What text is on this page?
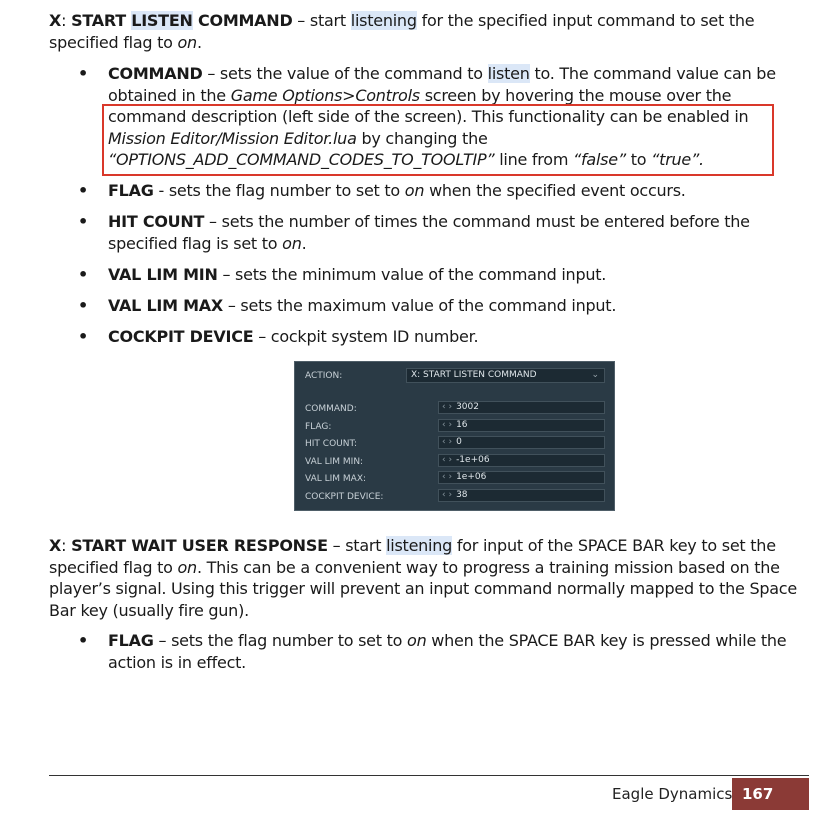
X: START LISTEN COMMAND – start listening for the specified input command to set the specified flag to on.

• COMMAND – sets the value of the command to listen to. The command value can be obtained in the Game Options>Controls screen by hovering the mouse over the command description (left side of the screen). This functionality can be enabled in Mission Editor/Mission Editor.lua by changing the “OPTIONS_ADD_COMMAND_CODES_TO_TOOLTIP” line from “false” to “true”.
• FLAG - sets the flag number to set to on when the specified event occurs.
• HIT COUNT – sets the number of times the command must be entered before the specified flag is set to on.
• VAL LIM MIN – sets the minimum value of the command input.
• VAL LIM MAX – sets the maximum value of the command input.
• COCKPIT DEVICE – cockpit system ID number.
ACTION:	X: START LISTEN COMMAND	⌄
COMMAND:	‹ › 3002
FLAG:	‹ › 16
HIT COUNT:	‹ › 0
VAL LIM MIN:	‹ › -1e+06
VAL LIM MAX:	‹ › 1e+06
COCKPIT DEVICE:	‹ › 38

X: START WAIT USER RESPONSE – start listening for input of the SPACE BAR key to set the specified flag to on. This can be a convenient way to progress a training mission based on the player’s signal. Using this trigger will prevent an input command normally mapped to the Space Bar key (usually fire gun).

• FLAG – sets the flag number to set to on when the SPACE BAR key is pressed while the action is in effect.
Eagle Dynamics 167
